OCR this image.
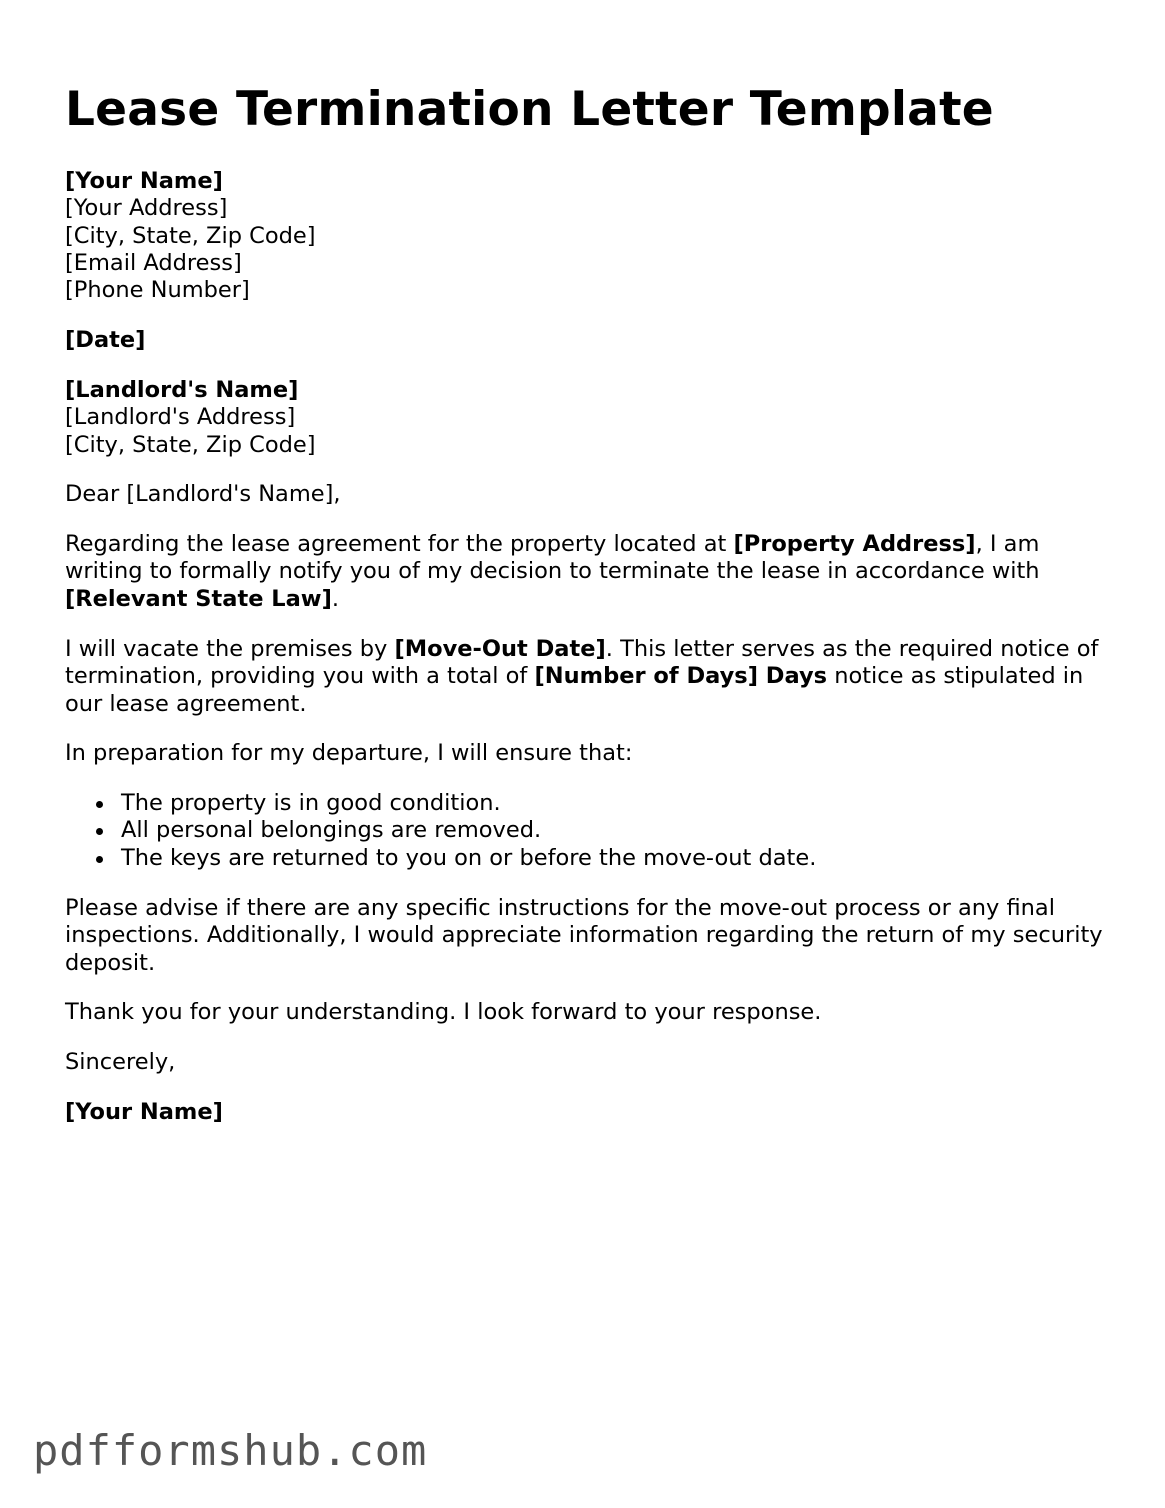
Lease Termination Letter Template
[Your Name]
[Your Address]
[City, State, Zip Code]
[Email Address]
[Phone Number]
[Date]
[Landlord's Name]
[Landlord's Address]
[City, State, Zip Code]
Dear [Landlord's Name],

Regarding the lease agreement for the property located at [Property Address], I am writing to formally notify you of my decision to terminate the lease in accordance with [Relevant State Law].

I will vacate the premises by [Move-Out Date]. This letter serves as the required notice of termination, providing you with a total of [Number of Days] Days notice as stipulated in our lease agreement.

In preparation for my departure, I will ensure that:

The property is in good condition.
All personal belongings are removed.
The keys are returned to you on or before the move-out date.

Please advise if there are any specific instructions for the move-out process or any final inspections. Additionally, I would appreciate information regarding the return of my security deposit.

Thank you for your understanding. I look forward to your response.

Sincerely,
[Your Name]
pdfformshub.com
